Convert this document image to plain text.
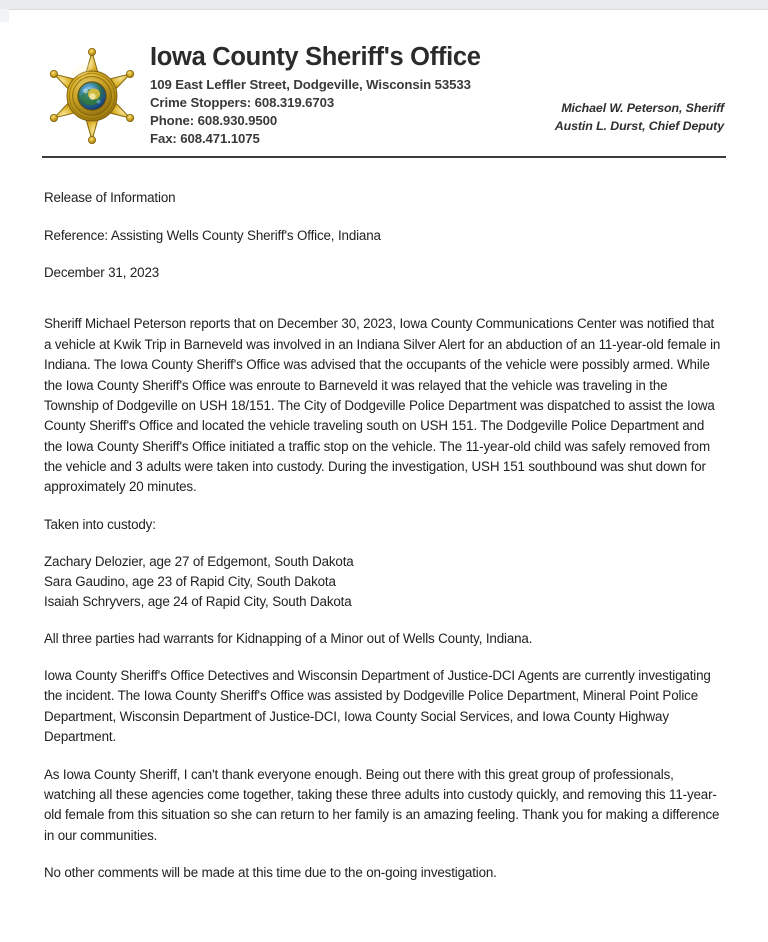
Iowa County Sheriff's Office
109 East Leffler Street, Dodgeville, Wisconsin 53533
Crime Stoppers: 608.319.6703
Phone: 608.930.9500
Fax: 608.471.1075
Michael W. Peterson, Sheriff
Austin L. Durst, Chief Deputy

Release of Information

Reference: Assisting Wells County Sheriff's Office, Indiana

December 31, 2023

Sheriff Michael Peterson reports that on December 30, 2023, Iowa County Communications Center was notified that a vehicle at Kwik Trip in Barneveld was involved in an Indiana Silver Alert for an abduction of an 11-year-old female in Indiana. The Iowa County Sheriff's Office was advised that the occupants of the vehicle were possibly armed. While the Iowa County Sheriff's Office was enroute to Barneveld it was relayed that the vehicle was traveling in the Township of Dodgeville on USH 18/151. The City of Dodgeville Police Department was dispatched to assist the Iowa County Sheriff's Office and located the vehicle traveling south on USH 151. The Dodgeville Police Department and the Iowa County Sheriff's Office initiated a traffic stop on the vehicle. The 11-year-old child was safely removed from the vehicle and 3 adults were taken into custody. During the investigation, USH 151 southbound was shut down for approximately 20 minutes.

Taken into custody:

Zachary Delozier, age 27 of Edgemont, South Dakota

Sara Gaudino, age 23 of Rapid City, South Dakota

Isaiah Schryvers, age 24 of Rapid City, South Dakota

All three parties had warrants for Kidnapping of a Minor out of Wells County, Indiana.

Iowa County Sheriff's Office Detectives and Wisconsin Department of Justice-DCI Agents are currently investigating the incident. The Iowa County Sheriff's Office was assisted by Dodgeville Police Department, Mineral Point Police Department, Wisconsin Department of Justice-DCI, Iowa County Social Services, and Iowa County Highway Department.

As Iowa County Sheriff, I can't thank everyone enough. Being out there with this great group of professionals, watching all these agencies come together, taking these three adults into custody quickly, and removing this 11-year-old female from this situation so she can return to her family is an amazing feeling. Thank you for making a difference in our communities.

No other comments will be made at this time due to the on-going investigation.
